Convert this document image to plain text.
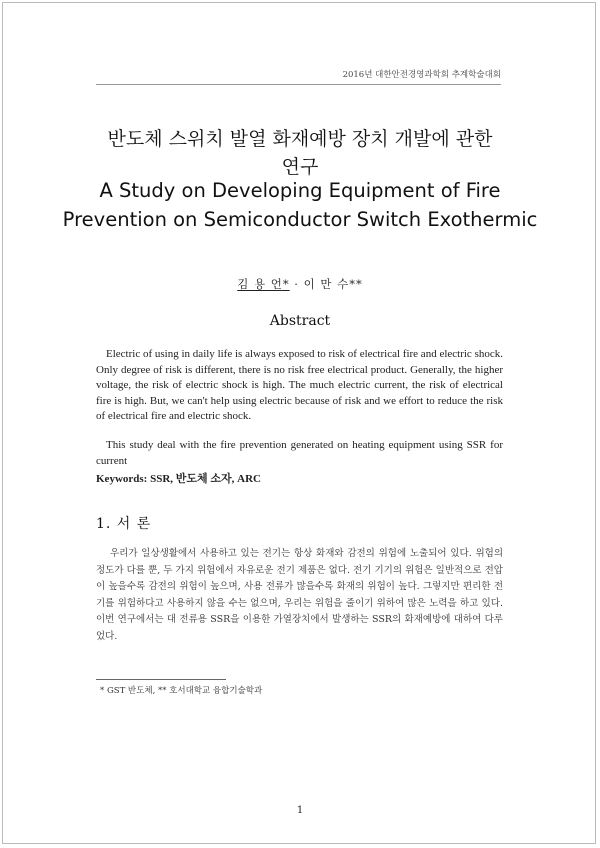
2016년 대한안전경영과학회 추계학술대회
반도체 스위치 발열 화재예방 장치 개발에 관한
연구
A Study on Developing Equipment of Fire Prevention on Semiconductor Switch Exothermic
김 용 언* · 이 만 수**
Abstract

Electric of using in daily life is always exposed to risk of electrical fire and electric shock. Only degree of risk is different, there is no risk free electrical product. Generally, the higher voltage, the risk of electric shock is high. The much electric current, the risk of electrical fire is high. But, we can't help using electric because of risk and we effort to reduce the risk of electrical fire and electric shock.

This study deal with the fire prevention generated on heating equipment using SSR for current

Keywords: SSR, 반도체 소자, ARC
1. 서 론

우리가 일상생활에서 사용하고 있는 전기는 항상 화재와 감전의 위험에 노출되어 있다. 위험의 정도가 다를 뿐, 두 가지 위험에서 자유로운 전기 제품은 없다. 전기 기기의 위험은 일반적으로 전압이 높을수록 감전의 위험이 높으며, 사용 전류가 많을수록 화재의 위험이 높다. 그렇지만 편리한 전기를 위험하다고 사용하지 않을 수는 없으며, 우리는 위험을 줄이기 위하여 많은 노력을 하고 있다. 이번 연구에서는 대 전류용 SSR을 이용한 가열장치에서 발생하는 SSR의 화재예방에 대하여 다루었다.

* GST 반도체, ** 호서대학교 융합기술학과
1
